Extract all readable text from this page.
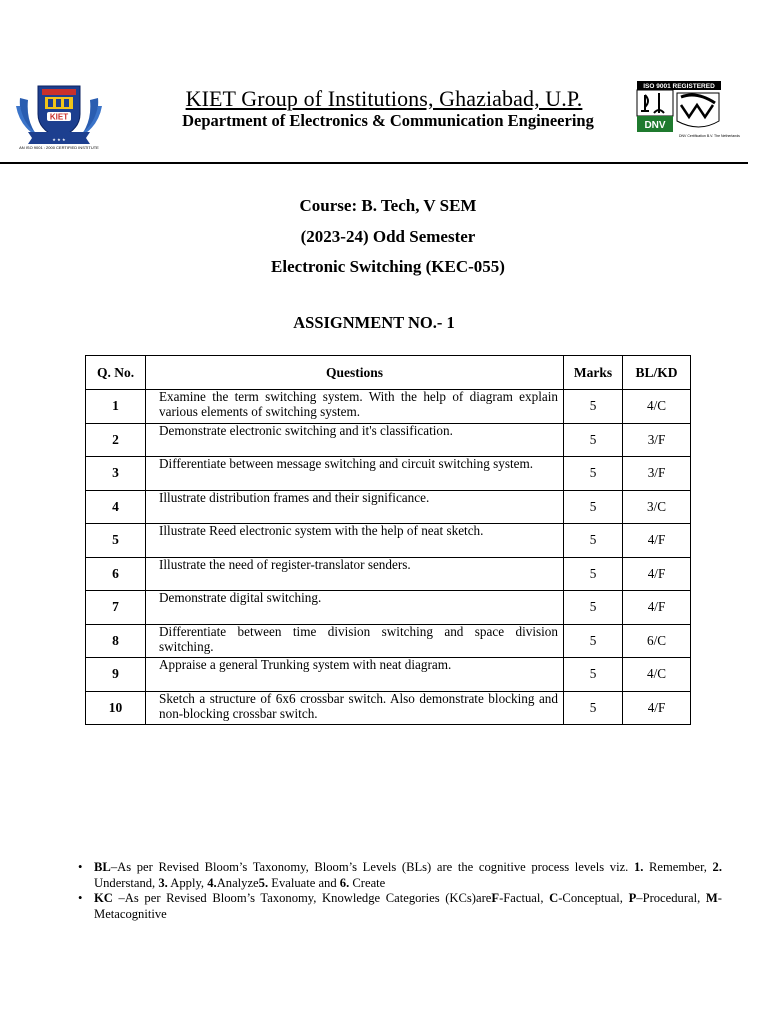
KIET
★ ★ ★
AN ISO 9001 : 2000 CERTIFIED INSTITUTE
ISO 9001 REGISTERED
DNV
DNV Certification B.V. The Netherlands
KIET Group of Institutions, Ghaziabad, U.P.
Department of Electronics & Communication Engineering
Course: B. Tech, V SEM
(2023-24) Odd Semester
Electronic Switching (KEC-055)
ASSIGNMENT NO.- 1
Q. No.	Questions	Marks	BL/KD
1	Examine the term switching system. With the help of diagram explain various elements of switching system.	5	4/C
2	Demonstrate electronic switching and it's classification.	5	3/F
3	Differentiate between message switching and circuit switching system.	5	3/F
4	Illustrate distribution frames and their significance.	5	3/C
5	Illustrate Reed electronic system with the help of neat sketch.	5	4/F
6	Illustrate the need of register-translator senders.	5	4/F
7	Demonstrate digital switching.	5	4/F
8	Differentiate between time division switching and space division switching.	5	6/C
9	Appraise a general Trunking system with neat diagram.	5	4/C
10	Sketch a structure of 6x6 crossbar switch. Also demonstrate blocking and non-blocking crossbar switch.	5	4/F
• BL–As per Revised Bloom’s Taxonomy, Bloom’s Levels (BLs) are the cognitive process levels viz. 1. Remember, 2. Understand, 3. Apply, 4.Analyze5. Evaluate and 6. Create
• KC –As per Revised Bloom’s Taxonomy, Knowledge Categories (KCs)areF-Factual, C-Conceptual, P–Procedural, M-Metacognitive
